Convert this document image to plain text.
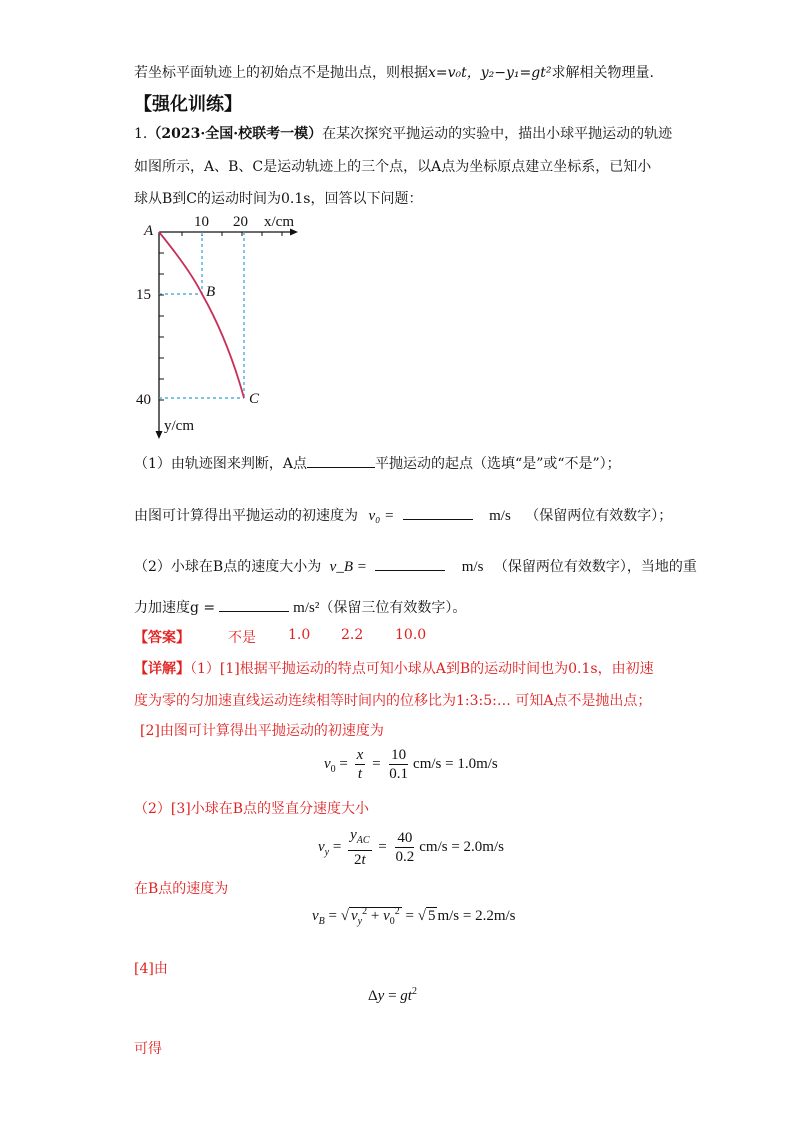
若坐标平面轨迹上的初始点不是抛出点，则根据x=v₀t，y₂−y₁=gt²求解相关物理量.
【强化训练】
1.（2023·全国·校联考一模）在某次探究平抛运动的实验中，描出小球平抛运动的轨迹
如图所示，A、B、C是运动轨迹上的三个点，以A点为坐标原点建立坐标系，已知小
球从B到C的运动时间为0.1s，回答以下问题：
A
10 20 x/cm
15
40
B
C
y/cm
（1）由轨迹图来判断，A点	平抛运动的起点（选填“是”或“不是”）；
由图可计算得出平抛运动的初速度为 v₀ =	m/s （保留两位有效数字）；
（2）小球在B点的速度大小为 v_B =	m/s （保留两位有效数字），当地的重
力加速度g =	m/s²（保留三位有效数字）。
【答案】	不是 1.0 2.2 10.0
【详解】（1）[1]根据平抛运动的特点可知小球从A到B的运动时间也为0.1s，由初速
度为零的匀加速直线运动连续相等时间内的位移比为1:3:5:… 可知A点不是抛出点；
[2]由图可计算得出平抛运动的初速度为
$v_0 = \frac{x}{t} = \frac{10}{0.1} cm/s = 1.0m/s$
（2）[3]小球在B点的竖直分速度大小
$v_y = \frac{y_{AC}}{2t} = \frac{40}{0.2} cm/s = 2.0m/s$
在B点的速度为
$v_B$ = √ $v_y^2 + v_0^2$ = √ 5 m/s = 2.2m/s
[4]由
$\Delta y = gt^2$
可得
